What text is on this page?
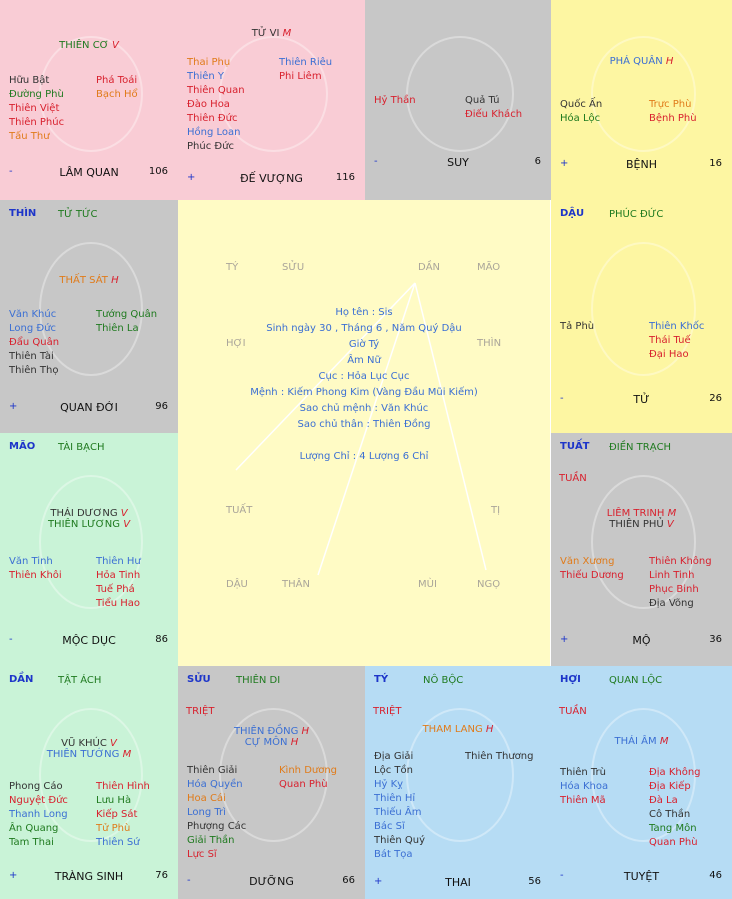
TÝ	SỬU	DẦN	MÃO
HỢI	THÌN
TUẤT	TỊ
DẬU	THÂN	MÙI	NGỌ
Họ tên : Sis
Sinh ngày 30 , Tháng 6 , Năm Quý Dậu
Giờ Tý
Âm Nữ
Cục : Hỏa Lục Cục
Mệnh : Kiếm Phong Kim (Vàng Đầu Mũi Kiếm)
Sao chủ mệnh : Văn Khúc
Sao chủ thân : Thiên Đồng
Lượng Chỉ : 4 Lượng 6 Chỉ
THIÊN CƠ V
Hữu Bật
Đường Phù
Thiên Việt
Thiên Phúc
Tấu Thư
Phá Toái
Bạch Hổ
-	LÂM QUAN	106
TỬ VI M
Thai Phụ
Thiên Y
Thiên Quan
Đào Hoa
Thiên Đức
Hồng Loan
Phúc Đức
Thiên Riêu
Phi Liêm
+	ĐẾ VƯỢNG	116
Hỷ Thần	Quả Tú
Điếu Khách
-	SUY	6
PHÁ QUÂN H
Quốc Ấn
Hóa Lộc
Trực Phù
Bệnh Phù
+	BỆNH	16
THÌN TỬ TỨC
THẤT SÁT H
Văn Khúc
Long Đức
Đẩu Quân
Thiên Tài
Thiên Thọ
Tướng Quân
Thiên La
+	QUAN ĐỚI	96
DẬU PHÚC ĐỨC
Tả Phù	Thiên Khốc
Thái Tuế
Đại Hao
-	TỬ	26
MÃO TÀI BẠCH
THÁI DƯƠNG V
THIÊN LƯƠNG V
Văn Tinh
Thiên Khôi
Thiên Hư
Hỏa Tinh
Tuế Phá
Tiểu Hao
-	MỘC DỤC	86
TUẤT ĐIỀN TRẠCH
TUẦN
LIÊM TRINH M
THIÊN PHỦ V
Văn Xương
Thiếu Dương
Thiên Không
Linh Tinh
Phục Binh
Địa Võng
+	MỘ	36
DẦN TẬT ÁCH
VŨ KHÚC V
THIÊN TƯỚNG M
Phong Cáo
Nguyệt Đức
Thanh Long
Ân Quang
Tam Thai
Thiên Hình
Lưu Hà
Kiếp Sát
Tử Phù
Thiên Sứ
+	TRÀNG SINH	76
SỬU	THIÊN DI
TRIỆT
THIÊN ĐỒNG H
CỰ MÔN H
Thiên Giải
Hóa Quyền
Hoa Cái
Long Trì
Phượng Các
Giải Thần
Lực Sĩ
Kình Dương
Quan Phù
-	DƯỠNG	66
TÝ	NÔ BỘC
TRIỆT
THAM LANG H
Địa Giải
Lộc Tồn
Hỷ Kỵ
Thiên Hỉ
Thiếu Âm
Bác Sĩ
Thiên Quý
Bát Tọa
Thiên Thương
+	THAI	56
HỢI	QUAN LỘC
TUẦN
THÁI ÂM M
Thiên Trù
Hóa Khoa
Thiên Mã
Địa Không
Địa Kiếp
Đà La
Cô Thần
Tang Môn
Quan Phù
-	TUYỆT	46
